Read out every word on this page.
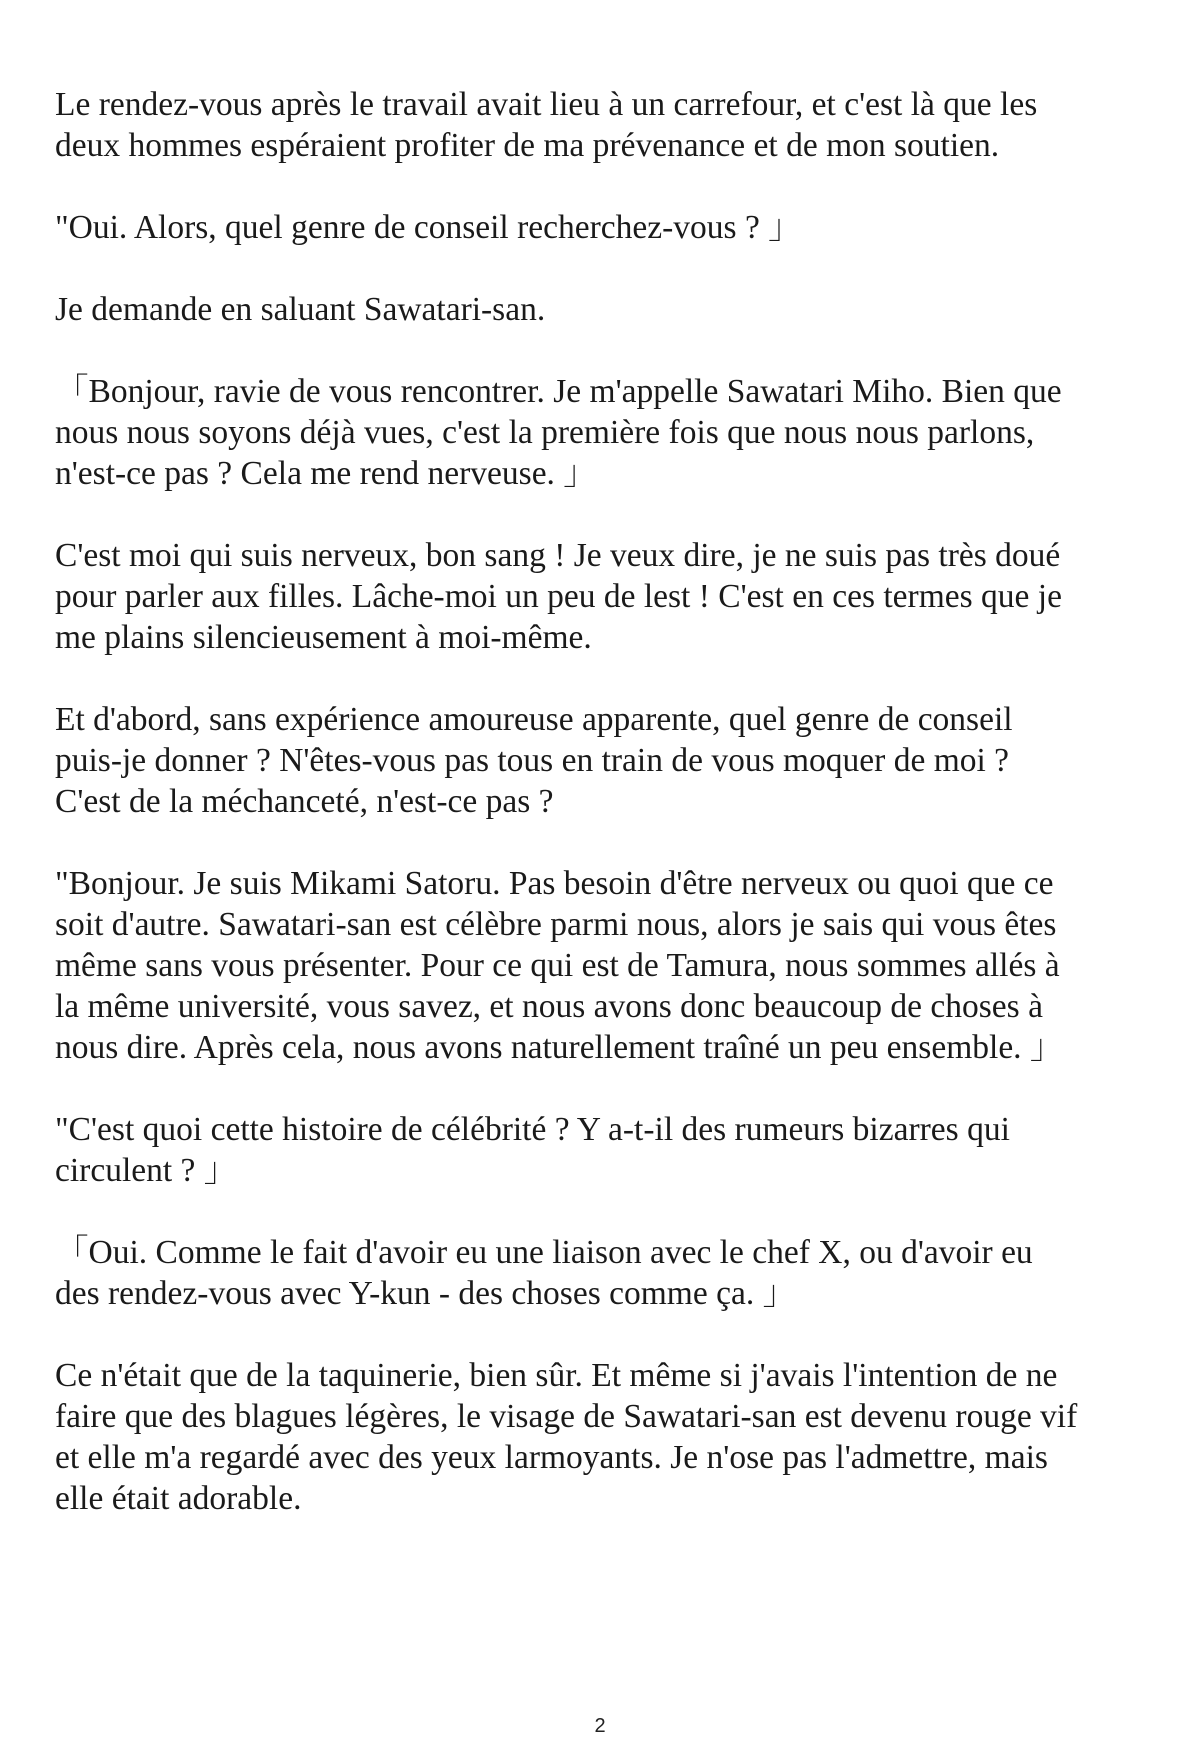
Le rendez-vous après le travail avait lieu à un carrefour, et c'est là que les
deux hommes espéraient profiter de ma prévenance et de mon soutien.

"Oui. Alors, quel genre de conseil recherchez-vous ? 」

Je demande en saluant Sawatari-san.

「Bonjour, ravie de vous rencontrer. Je m'appelle Sawatari Miho. Bien que
nous nous soyons déjà vues, c'est la première fois que nous nous parlons,
n'est-ce pas ? Cela me rend nerveuse. 」

C'est moi qui suis nerveux, bon sang ! Je veux dire, je ne suis pas très doué
pour parler aux filles. Lâche-moi un peu de lest ! C'est en ces termes que je
me plains silencieusement à moi-même.

Et d'abord, sans expérience amoureuse apparente, quel genre de conseil
puis-je donner ? N'êtes-vous pas tous en train de vous moquer de moi ?
C'est de la méchanceté, n'est-ce pas ?

"Bonjour. Je suis Mikami Satoru. Pas besoin d'être nerveux ou quoi que ce
soit d'autre. Sawatari-san est célèbre parmi nous, alors je sais qui vous êtes
même sans vous présenter. Pour ce qui est de Tamura, nous sommes allés à
la même université, vous savez, et nous avons donc beaucoup de choses à
nous dire. Après cela, nous avons naturellement traîné un peu ensemble. 」

"C'est quoi cette histoire de célébrité ? Y a-t-il des rumeurs bizarres qui
circulent ? 」

「Oui. Comme le fait d'avoir eu une liaison avec le chef X, ou d'avoir eu
des rendez-vous avec Y-kun - des choses comme ça. 」

Ce n'était que de la taquinerie, bien sûr. Et même si j'avais l'intention de ne
faire que des blagues légères, le visage de Sawatari-san est devenu rouge vif
et elle m'a regardé avec des yeux larmoyants. Je n'ose pas l'admettre, mais
elle était adorable.

2
